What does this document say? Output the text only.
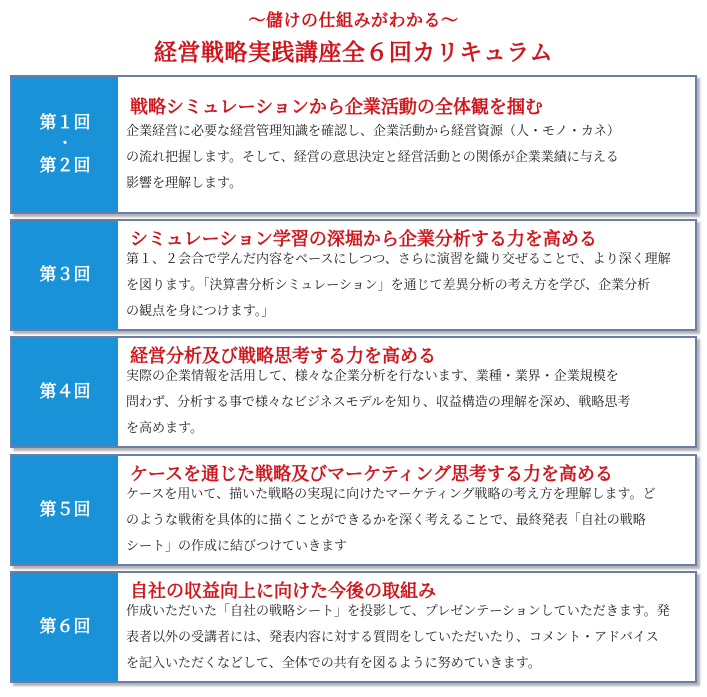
～儲けの仕組みがわかる～
経営戦略実践講座全６回カリキュラム
第１回
・
第２回
戦略シミュレーションから企業活動の全体観を掴む
企業経営に必要な経営管理知識を確認し、企業活動から経営資源（人・モノ・カネ）
の流れ把握します。そして、経営の意思決定と経営活動との関係が企業業績に与える
影響を理解します。
第３回
シミュレーション学習の深堀から企業分析する力を高める
第１、２会合で学んだ内容をベースにしつつ、さらに演習を織り交ぜることで、より深く理解
を図ります。「決算書分析シミュレーション」を通じて差異分析の考え方を学び、企業分析
の観点を身につけます。」
第４回
経営分析及び戦略思考する力を高める
実際の企業情報を活用して、様々な企業分析を行ないます、業種・業界・企業規模を
問わず、分析する事で様々なビジネスモデルを知り、収益構造の理解を深め、戦略思考
を高めます。
第５回
ケースを通じた戦略及びマーケティング思考する力を高める
ケースを用いて、描いた戦略の実現に向けたマーケティング戦略の考え方を理解します。ど
のような戦術を具体的に描くことができるかを深く考えることで、最終発表「自社の戦略
シート」の作成に結びつけていきます
第６回
自社の収益向上に向けた今後の取組み
作成いただいた「自社の戦略シート」を投影して、プレゼンテーションしていただきます。発
表者以外の受講者には、発表内容に対する質問をしていただいたり、コメント・アドバイス
を記入いただくなどして、全体での共有を図るように努めていきます。
